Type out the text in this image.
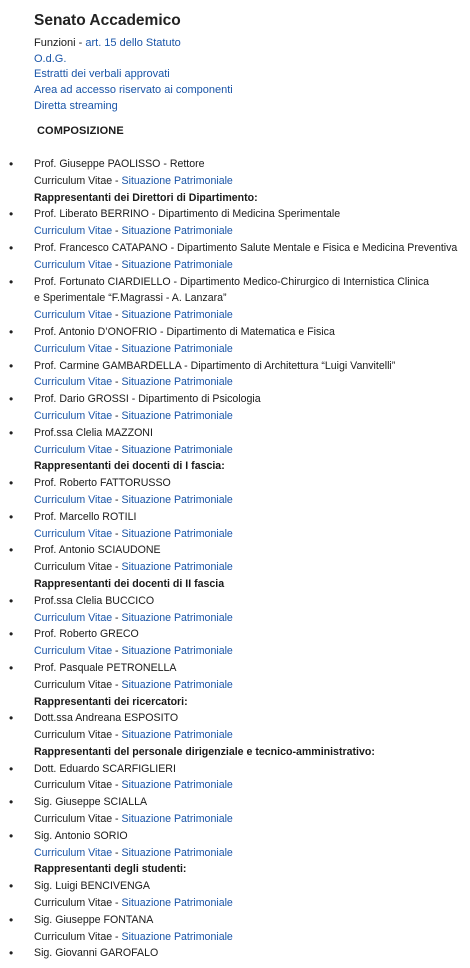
Senato Accademico
Funzioni - art. 15 dello Statuto
O.d.G.
Estratti dei verbali approvati
Area ad accesso riservato ai componenti
Diretta streaming
COMPOSIZIONE
• Prof. Giuseppe PAOLISSO - Rettore
Curriculum Vitae - Situazione Patrimoniale
Rappresentanti dei Direttori di Dipartimento:
• Prof. Liberato BERRINO - Dipartimento di Medicina Sperimentale
Curriculum Vitae - Situazione Patrimoniale
• Prof. Francesco CATAPANO - Dipartimento Salute Mentale e Fisica e Medicina Preventiva
Curriculum Vitae - Situazione Patrimoniale
• Prof. Fortunato CIARDIELLO - Dipartimento Medico-Chirurgico di Internistica Clinica
e Sperimentale “F.Magrassi - A. Lanzara”
Curriculum Vitae - Situazione Patrimoniale
• Prof. Antonio D’ONOFRIO - Dipartimento di Matematica e Fisica
Curriculum Vitae - Situazione Patrimoniale
• Prof. Carmine GAMBARDELLA - Dipartimento di Architettura “Luigi Vanvitelli”
Curriculum Vitae - Situazione Patrimoniale
• Prof. Dario GROSSI - Dipartimento di Psicologia
Curriculum Vitae - Situazione Patrimoniale
• Prof.ssa Clelia MAZZONI
Curriculum Vitae - Situazione Patrimoniale
Rappresentanti dei docenti di I fascia:
• Prof. Roberto FATTORUSSO
Curriculum Vitae - Situazione Patrimoniale
• Prof. Marcello ROTILI
Curriculum Vitae - Situazione Patrimoniale
• Prof. Antonio SCIAUDONE
Curriculum Vitae - Situazione Patrimoniale
Rappresentanti dei docenti di II fascia
• Prof.ssa Clelia BUCCICO
Curriculum Vitae - Situazione Patrimoniale
• Prof. Roberto GRECO
Curriculum Vitae - Situazione Patrimoniale
• Prof. Pasquale PETRONELLA
Curriculum Vitae - Situazione Patrimoniale
Rappresentanti dei ricercatori:
• Dott.ssa Andreana ESPOSITO
Curriculum Vitae - Situazione Patrimoniale
Rappresentanti del personale dirigenziale e tecnico-amministrativo:
• Dott. Eduardo SCARFIGLIERI
Curriculum Vitae - Situazione Patrimoniale
• Sig. Giuseppe SCIALLA
Curriculum Vitae - Situazione Patrimoniale
• Sig. Antonio SORIO
Curriculum Vitae - Situazione Patrimoniale
Rappresentanti degli studenti:
• Sig. Luigi BENCIVENGA
Curriculum Vitae - Situazione Patrimoniale
• Sig. Giuseppe FONTANA
Curriculum Vitae - Situazione Patrimoniale
• Sig. Giovanni GAROFALO
